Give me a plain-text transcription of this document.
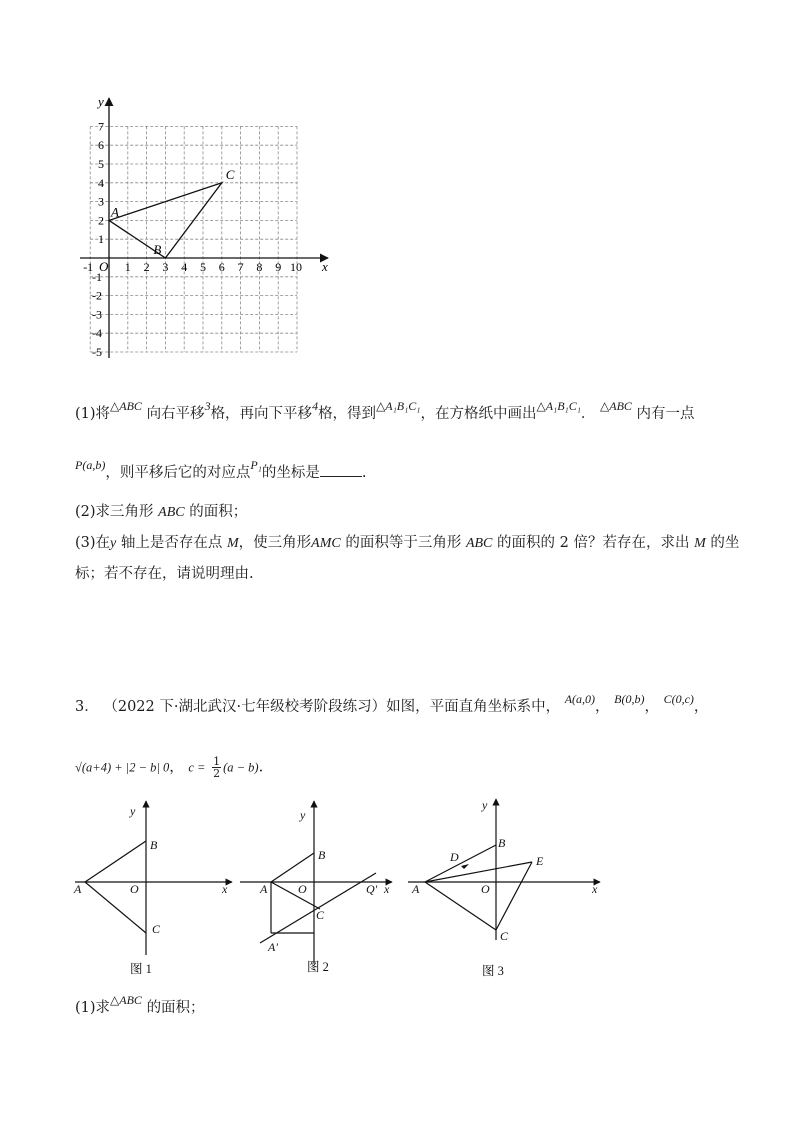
x
y
O
-1	1 2 3 4 5 6 7 8 9 10
7
6
5
4
3
2
1
-1
-2
-3
-4
-5
A
B
C
(1)将$^{\triangle ABC}$ 向右平移$^3$格，再向下平移$^4$格，得到$^{\triangle A_1B_1C_1}$，在方格纸中画出$^{\triangle A_1B_1C_1}$． $^{\triangle ABC}$ 内有一点
$^{P(a,b)}$，则平移后它的对应点$^{P_1}$的坐标是	.
(2)求三角形 ABC 的面积；
(3)在y 轴上是否存在点 M，使三角形AMC 的面积等于三角形 ABC 的面积的 2 倍？若存在，求出 M 的坐
标；若不存在，请说明理由.
3． （2022 下·湖北武汉·七年级校考阶段练习）如图，平面直角坐标系中， $^{A(a,0)}$， $^{B(0,b)}$， $^{C(0,c)}$，
√(a+4) + |2 − b| 0， $c = \frac{1}{2} (a - b)$.
y
B
A	O	x
C
图 1
y
B
A	O	Q' x
C
A'
图 2
y
B
D	E
A	O	x
C
图 3
(1)求$^{\triangle ABC}$ 的面积；
